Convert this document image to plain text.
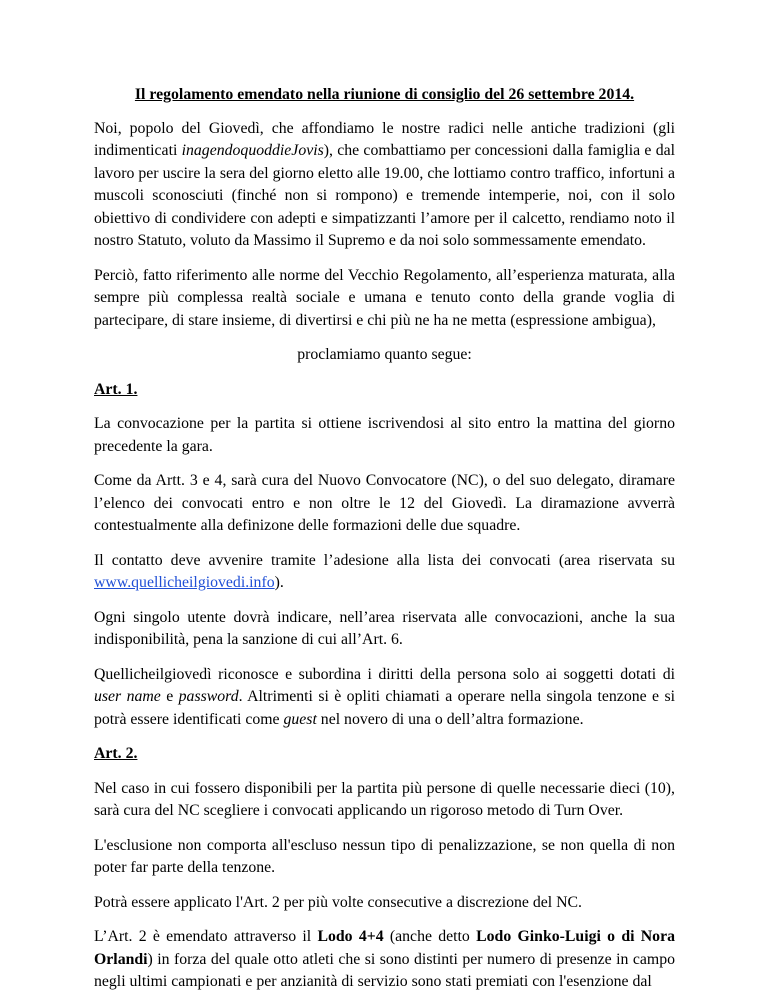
Il regolamento emendato nella riunione di consiglio del 26 settembre 2014.

Noi, popolo del Giovedì, che affondiamo le nostre radici nelle antiche tradizioni (gli indimenticati inagendoquoddieJovis), che combattiamo per concessioni dalla famiglia e dal lavoro per uscire la sera del giorno eletto alle 19.00, che lottiamo contro traffico, infortuni a muscoli sconosciuti (finché non si rompono) e tremende intemperie, noi, con il solo obiettivo di condividere con adepti e simpatizzanti l’amore per il calcetto, rendiamo noto il nostro Statuto, voluto da Massimo il Supremo e da noi solo sommessamente emendato.

Perciò, fatto riferimento alle norme del Vecchio Regolamento, all’esperienza maturata, alla sempre più complessa realtà sociale e umana e tenuto conto della grande voglia di partecipare, di stare insieme, di divertirsi e chi più ne ha ne metta (espressione ambigua),

proclamiamo quanto segue:

Art. 1.

La convocazione per la partita si ottiene iscrivendosi al sito entro la mattina del giorno precedente la gara.

Come da Artt. 3 e 4, sarà cura del Nuovo Convocatore (NC), o del suo delegato, diramare l’elenco dei convocati entro e non oltre le 12 del Giovedì. La diramazione avverrà contestualmente alla definizone delle formazioni delle due squadre.

Il contatto deve avvenire tramite l’adesione alla lista dei convocati (area riservata su www.quellicheilgiovedi.info).

Ogni singolo utente dovrà indicare, nell’area riservata alle convocazioni, anche la sua indisponibilità, pena la sanzione di cui all’Art. 6.

Quellicheilgiovedì riconosce e subordina i diritti della persona solo ai soggetti dotati di user name e password. Altrimenti si è opliti chiamati a operare nella singola tenzone e si potrà essere identificati come guest nel novero di una o dell’altra formazione.

Art. 2.

Nel caso in cui fossero disponibili per la partita più persone di quelle necessarie dieci (10), sarà cura del NC scegliere i convocati applicando un rigoroso metodo di Turn Over.

L'esclusione non comporta all'escluso nessun tipo di penalizzazione, se non quella di non poter far parte della tenzone.

Potrà essere applicato l'Art. 2 per più volte consecutive a discrezione del NC.

L’Art. 2 è emendato attraverso il Lodo 4+4 (anche detto Lodo Ginko-Luigi o di Nora Orlandi) in forza del quale otto atleti che si sono distinti per numero di presenze in campo negli ultimi campionati e per anzianità di servizio sono stati premiati con l'esenzione dal
